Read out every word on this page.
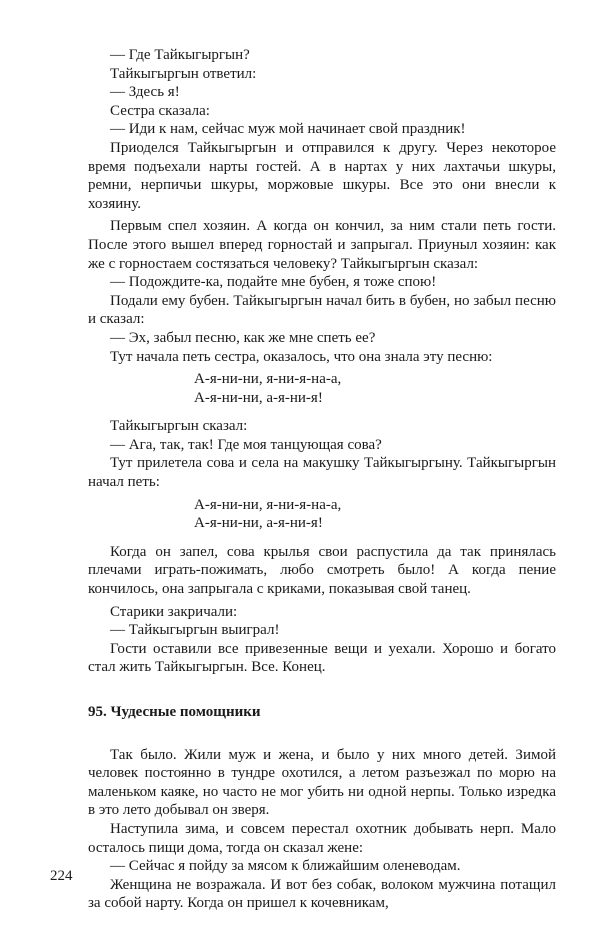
— Где Тайкыгыргын?

Тайкыгыргын ответил:

— Здесь я!

Сестра сказала:

— Иди к нам, сейчас муж мой начинает свой праздник!

Приоделся Тайкыгыргын и отправился к другу. Через некоторое время подъехали нарты гостей. А в нартах у них лахтачьи шкуры, ремни, нерпичьи шкуры, моржовые шкуры. Все это они внесли к хозяину.

Первым спел хозяин. А когда он кончил, за ним стали петь гости. После этого вышел вперед горностай и запрыгал. Приуныл хозяин: как же с горностаем состязаться человеку? Тайкыгыргын сказал:

— Подождите-ка, подайте мне бубен, я тоже спою!

Подали ему бубен. Тайкыгыргын начал бить в бубен, но забыл песню и сказал:

— Эх, забыл песню, как же мне спеть ее?

Тут начала петь сестра, оказалось, что она знала эту песню:

А-я-ни-ни, я-ни-я-на-а,
А-я-ни-ни, а-я-ни-я!

Тайкыгыргын сказал:

— Ага, так, так! Где моя танцующая сова?

Тут прилетела сова и села на макушку Тайкыгыргыну. Тайкыгыргын начал петь:

А-я-ни-ни, я-ни-я-на-а,
А-я-ни-ни, а-я-ни-я!

Когда он запел, сова крылья свои распустила да так принялась плечами играть-пожимать, любо смотреть было! А когда пение кончилось, она запрыгала с криками, показывая свой танец.

Старики закричали:

— Тайкыгыргын выиграл!

Гости оставили все привезенные вещи и уехали. Хорошо и богато стал жить Тайкыгыргын. Все. Конец.

95. Чудесные помощники

Так было. Жили муж и жена, и было у них много детей. Зимой человек постоянно в тундре охотился, а летом разъезжал по морю на маленьком каяке, но часто не мог убить ни одной нерпы. Только изредка в это лето добывал он зверя.

Наступила зима, и совсем перестал охотник добывать нерп. Мало осталось пищи дома, тогда он сказал жене:

— Сейчас я пойду за мясом к ближайшим оленеводам.

Женщина не возражала. И вот без собак, волоком мужчина потащил за собой нарту. Когда он пришел к кочевникам,

224
